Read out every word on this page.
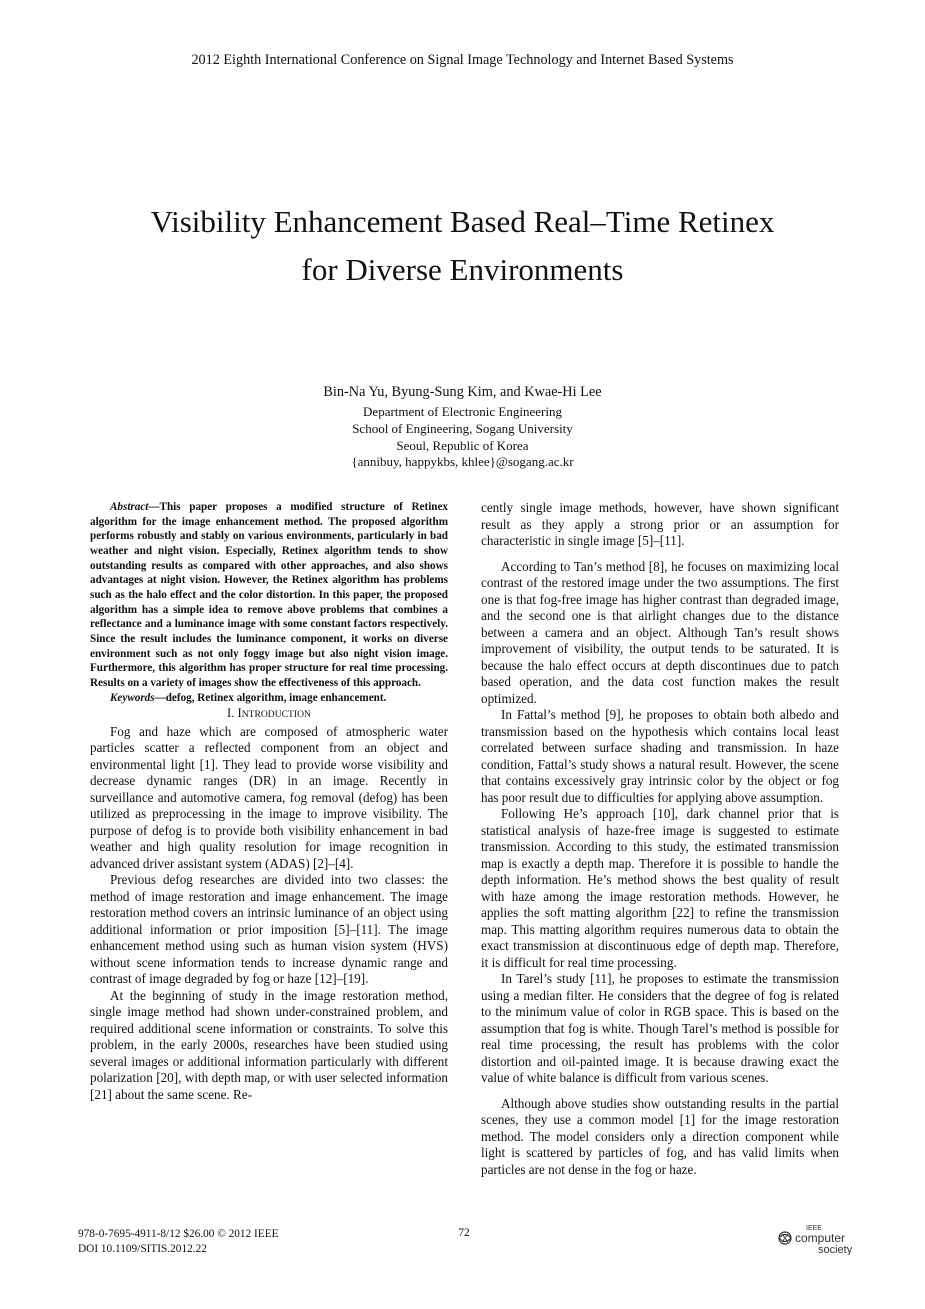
2012 Eighth International Conference on Signal Image Technology and Internet Based Systems
Visibility Enhancement Based Real–Time Retinex
for Diverse Environments
Bin-Na Yu, Byung-Sung Kim, and Kwae-Hi Lee
Department of Electronic Engineering
School of Engineering, Sogang University
Seoul, Republic of Korea
{annibuy, happykbs, khlee}@sogang.ac.kr

Abstract—This paper proposes a modified structure of Retinex algorithm for the image enhancement method. The proposed algorithm performs robustly and stably on various environments, particularly in bad weather and night vision. Especially, Retinex algorithm tends to show outstanding results as compared with other approaches, and also shows advantages at night vision. However, the Retinex algorithm has problems such as the halo effect and the color distortion. In this paper, the proposed algorithm has a simple idea to remove above problems that combines a reflectance and a luminance image with some constant factors respectively. Since the result includes the luminance component, it works on diverse environment such as not only foggy image but also night vision image. Furthermore, this algorithm has proper structure for real time processing. Results on a variety of images show the effectiveness of this approach.

Keywords—defog, Retinex algorithm, image enhancement.

I. INTRODUCTION

Fog and haze which are composed of atmospheric water particles scatter a reflected component from an object and environmental light [1]. They lead to provide worse visibility and decrease dynamic ranges (DR) in an image. Recently in surveillance and automotive camera, fog removal (defog) has been utilized as preprocessing in the image to improve visibility. The purpose of defog is to provide both visibility enhancement in bad weather and high quality resolution for image recognition in advanced driver assistant system (ADAS) [2]–[4].

Previous defog researches are divided into two classes: the method of image restoration and image enhancement. The image restoration method covers an intrinsic luminance of an object using additional information or prior imposition [5]–[11]. The image enhancement method using such as human vision system (HVS) without scene information tends to increase dynamic range and contrast of image degraded by fog or haze [12]–[19].

At the beginning of study in the image restoration method, single image method had shown under-constrained problem, and required additional scene information or constraints. To solve this problem, in the early 2000s, researches have been studied using several images or additional information particularly with different polarization [20], with depth map, or with user selected information [21] about the same scene. Re-

cently single image methods, however, have shown significant result as they apply a strong prior or an assumption for characteristic in single image [5]–[11].

According to Tan’s method [8], he focuses on maximizing local contrast of the restored image under the two assumptions. The first one is that fog-free image has higher contrast than degraded image, and the second one is that airlight changes due to the distance between a camera and an object. Although Tan’s result shows improvement of visibility, the output tends to be saturated. It is because the halo effect occurs at depth discontinues due to patch based operation, and the data cost function makes the result optimized.

In Fattal’s method [9], he proposes to obtain both albedo and transmission based on the hypothesis which contains local least correlated between surface shading and transmission. In haze condition, Fattal’s study shows a natural result. However, the scene that contains excessively gray intrinsic color by the object or fog has poor result due to difficulties for applying above assumption.

Following He’s approach [10], dark channel prior that is statistical analysis of haze-free image is suggested to estimate transmission. According to this study, the estimated transmission map is exactly a depth map. Therefore it is possible to handle the depth information. He’s method shows the best quality of result with haze among the image restoration methods. However, he applies the soft matting algorithm [22] to refine the transmission map. This matting algorithm requires numerous data to obtain the exact transmission at discontinuous edge of depth map. Therefore, it is difficult for real time processing.

In Tarel’s study [11], he proposes to estimate the transmission using a median filter. He considers that the degree of fog is related to the minimum value of color in RGB space. This is based on the assumption that fog is white. Though Tarel’s method is possible for real time processing, the result has problems with the color distortion and oil-painted image. It is because drawing exact the value of white balance is difficult from various scenes.

Although above studies show outstanding results in the partial scenes, they use a common model [1] for the image restoration method. The model considers only a direction component while light is scattered by particles of fog, and has valid limits when particles are not dense in the fog or haze.

978-0-7695-4911-8/12 $26.00 © 2012 IEEE
DOI 10.1109/SITIS.2012.22
72	IEEE
computer
society
